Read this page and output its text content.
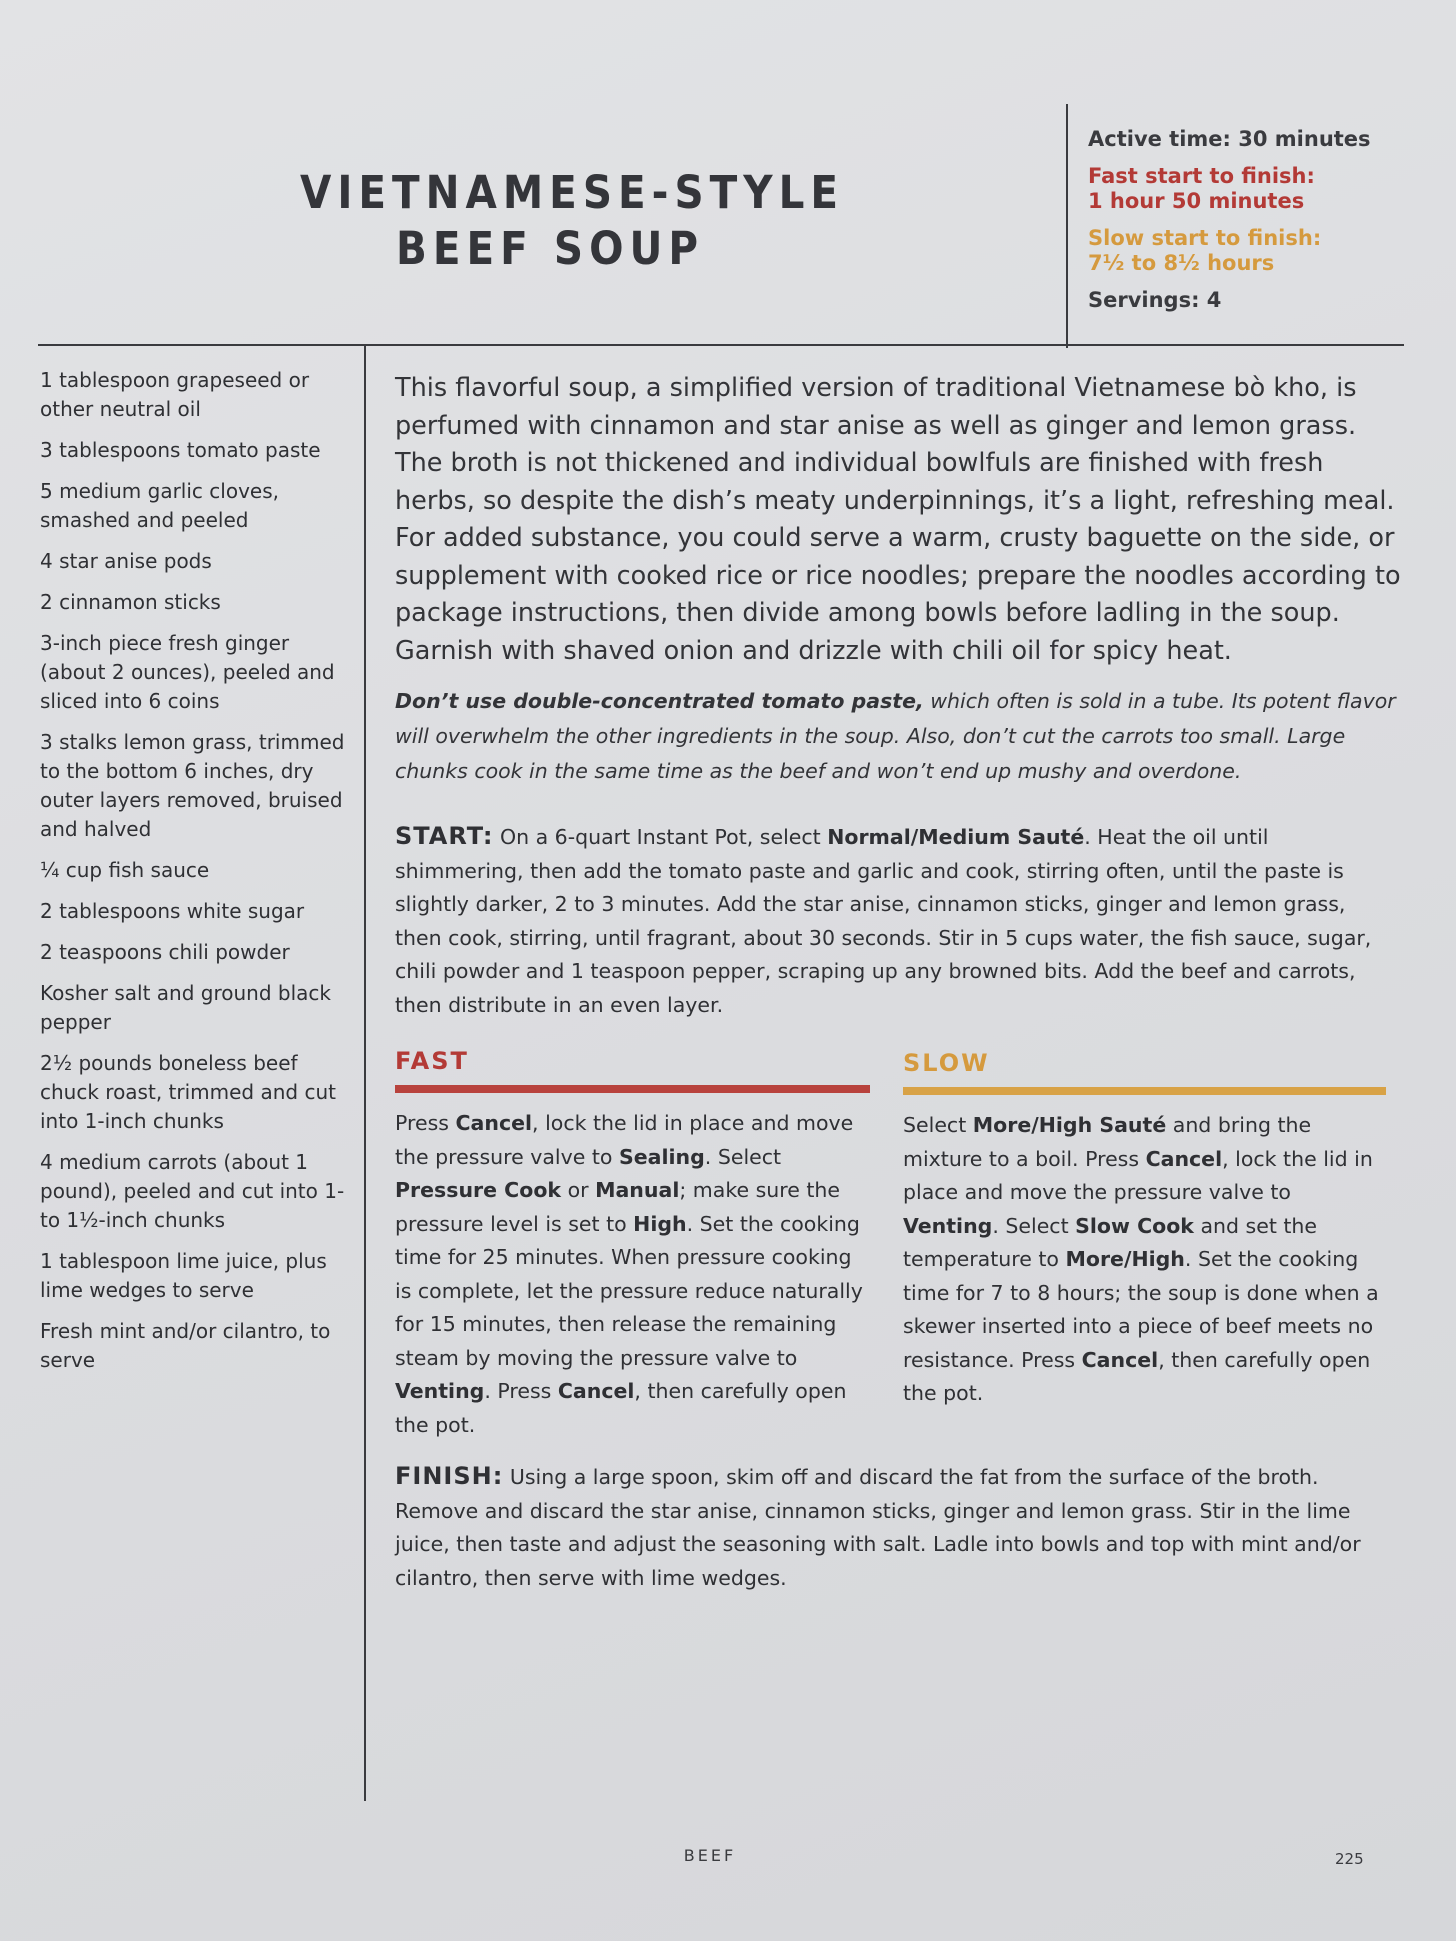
VIETNAMESE-STYLE
BEEF SOUP
Active time: 30 minutes
Fast start to finish:
1 hour 50 minutes
Slow start to finish:
7½ to 8½ hours
Servings: 4
1 tablespoon grapeseed or other neutral oil
3 tablespoons tomato paste
5 medium garlic cloves, smashed and peeled
4 star anise pods
2 cinnamon sticks
3-inch piece fresh ginger (about 2 ounces), peeled and sliced into 6 coins
3 stalks lemon grass, trimmed to the bottom 6 inches, dry outer layers removed, bruised and halved
¼ cup fish sauce
2 tablespoons white sugar
2 teaspoons chili powder
Kosher salt and ground black pepper
2½ pounds boneless beef chuck roast, trimmed and cut into 1-inch chunks
4 medium carrots (about 1 pound), peeled and cut into 1- to 1½-inch chunks
1 tablespoon lime juice, plus lime wedges to serve
Fresh mint and/or cilantro, to serve
This flavorful soup, a simplified version of traditional Vietnamese bò kho, is perfumed with cinnamon and star anise as well as ginger and lemon grass. The broth is not thickened and individual bowlfuls are finished with fresh herbs, so despite the dish’s meaty underpinnings, it’s a light, refreshing meal. For added substance, you could serve a warm, crusty baguette on the side, or supplement with cooked rice or rice noodles; prepare the noodles according to package instructions, then divide among bowls before ladling in the soup. Garnish with shaved onion and drizzle with chili oil for spicy heat.
Don’t use double-concentrated tomato paste, which often is sold in a tube. Its potent flavor will overwhelm the other ingredients in the soup. Also, don’t cut the carrots too small. Large chunks cook in the same time as the beef and won’t end up mushy and overdone.
START: On a 6-quart Instant Pot, select Normal/Medium Sauté. Heat the oil until shimmering, then add the tomato paste and garlic and cook, stirring often, until the paste is slightly darker, 2 to 3 minutes. Add the star anise, cinnamon sticks, ginger and lemon grass, then cook, stirring, until fragrant, about 30 seconds. Stir in 5 cups water, the fish sauce, sugar, chili powder and 1 teaspoon pepper, scraping up any browned bits. Add the beef and carrots, then distribute in an even layer.
FAST
Press Cancel, lock the lid in place and move the pressure valve to Sealing. Select Pressure Cook or Manual; make sure the pressure level is set to High. Set the cooking time for 25 minutes. When pressure cooking is complete, let the pressure reduce naturally for 15 minutes, then release the remaining steam by moving the pressure valve to Venting. Press Cancel, then carefully open the pot.
SLOW
Select More/High Sauté and bring the mixture to a boil. Press Cancel, lock the lid in place and move the pressure valve to Venting. Select Slow Cook and set the temperature to More/High. Set the cooking time for 7 to 8 hours; the soup is done when a skewer inserted into a piece of beef meets no resistance. Press Cancel, then carefully open the pot.
FINISH: Using a large spoon, skim off and discard the fat from the surface of the broth. Remove and discard the star anise, cinnamon sticks, ginger and lemon grass. Stir in the lime juice, then taste and adjust the seasoning with salt. Ladle into bowls and top with mint and/or cilantro, then serve with lime wedges.
BEEF	225
